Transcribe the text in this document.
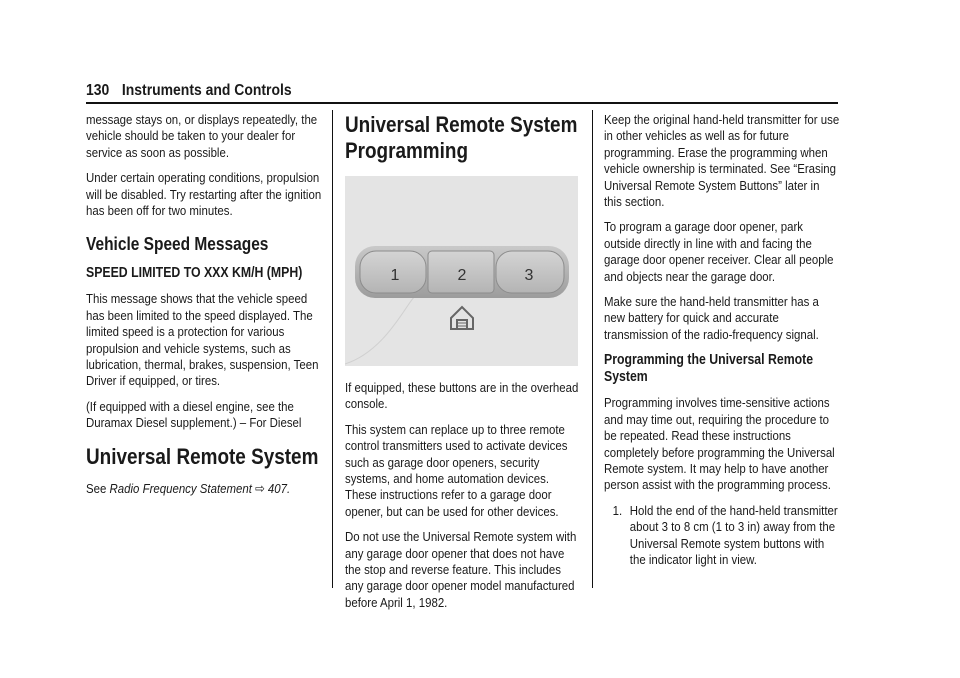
130 Instruments and Controls

message stays on, or displays repeatedly, the vehicle should be taken to your dealer for service as soon as possible.

Under certain operating conditions, propulsion will be disabled. Try restarting after the ignition has been off for two minutes.

Vehicle Speed Messages
SPEED LIMITED TO XXX KM/H (MPH)

This message shows that the vehicle speed has been limited to the speed displayed. The limited speed is a protection for various propulsion and vehicle systems, such as lubrication, thermal, brakes, suspension, Teen Driver if equipped, or tires.

(If equipped with a diesel engine, see the Duramax Diesel supplement.) – For Diesel

Universal Remote System

See Radio Frequency Statement ⇨ 407.

Universal Remote System
Programming
1	2	3

If equipped, these buttons are in the overhead console.

This system can replace up to three remote control transmitters used to activate devices such as garage door openers, security systems, and home automation devices. These instructions refer to a garage door opener, but can be used for other devices.

Do not use the Universal Remote system with any garage door opener that does not have the stop and reverse feature. This includes any garage door opener model manufactured before April 1, 1982.

Keep the original hand-held transmitter for use in other vehicles as well as for future programming. Erase the programming when vehicle ownership is terminated. See “Erasing Universal Remote System Buttons” later in this section.

To program a garage door opener, park outside directly in line with and facing the garage door opener receiver. Clear all people and objects near the garage door.

Make sure the hand-held transmitter has a new battery for quick and accurate transmission of the radio-frequency signal.

Programming the Universal Remote System

Programming involves time-sensitive actions and may time out, requiring the procedure to be repeated. Read these instructions completely before programming the Universal Remote system. It may help to have another person assist with the programming process.

1. Hold the end of the hand-held transmitter about 3 to 8 cm (1 to 3 in) away from the Universal Remote system buttons with the indicator light in view.
